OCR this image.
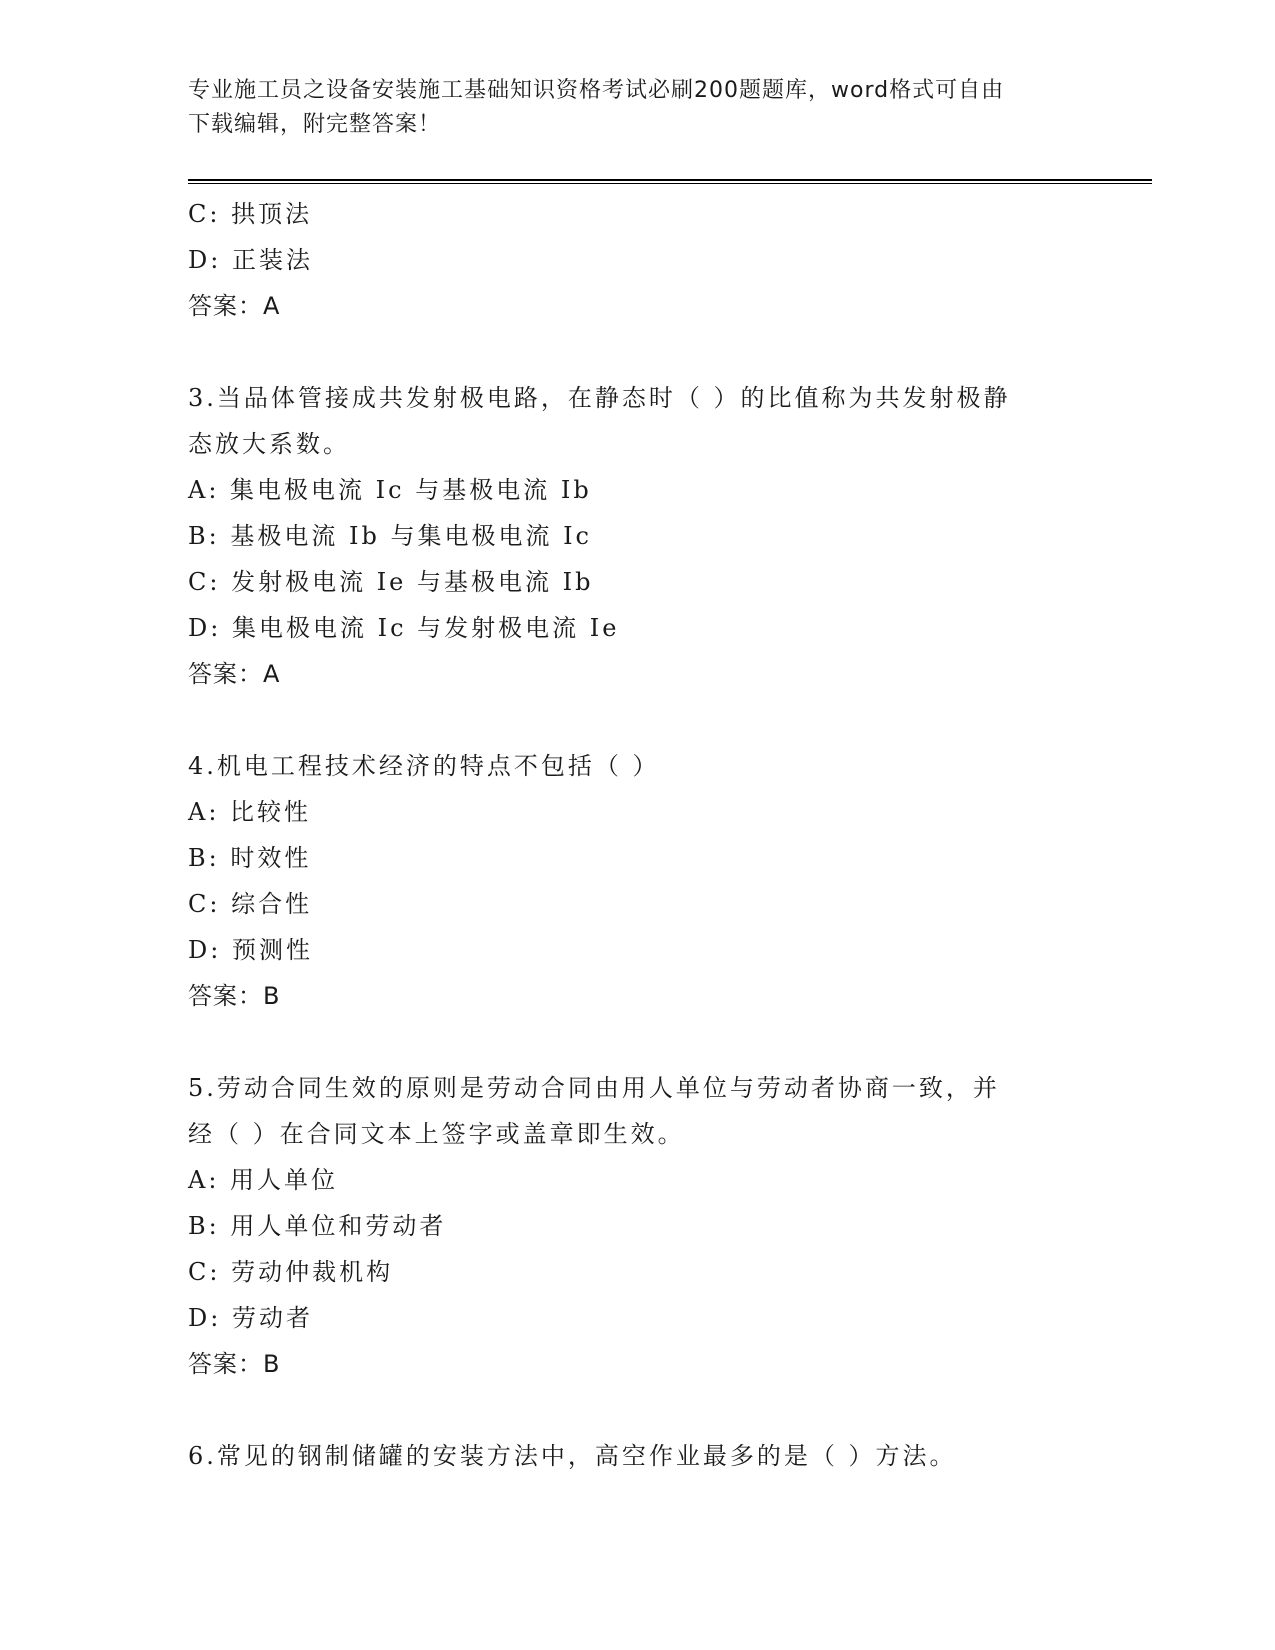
专业施工员之设备安装施工基础知识资格考试必刷200题题库，word格式可自由
下载编辑，附完整答案！
C: 拱顶法
D: 正装法
答案：A
3.当品体管接成共发射极电路，在静态时（ ）的比值称为共发射极静
态放大系数。
A: 集电极电流 Ic 与基极电流 Ib
B: 基极电流 Ib 与集电极电流 Ic
C: 发射极电流 Ie 与基极电流 Ib
D: 集电极电流 Ic 与发射极电流 Ie
答案：A
4.机电工程技术经济的特点不包括（ ）
A: 比较性
B: 时效性
C: 综合性
D: 预测性
答案：B
5.劳动合同生效的原则是劳动合同由用人单位与劳动者协商一致，并
经（ ）在合同文本上签字或盖章即生效。
A: 用人单位
B: 用人单位和劳动者
C: 劳动仲裁机构
D: 劳动者
答案：B
6.常见的钢制储罐的安装方法中，高空作业最多的是（ ）方法。
